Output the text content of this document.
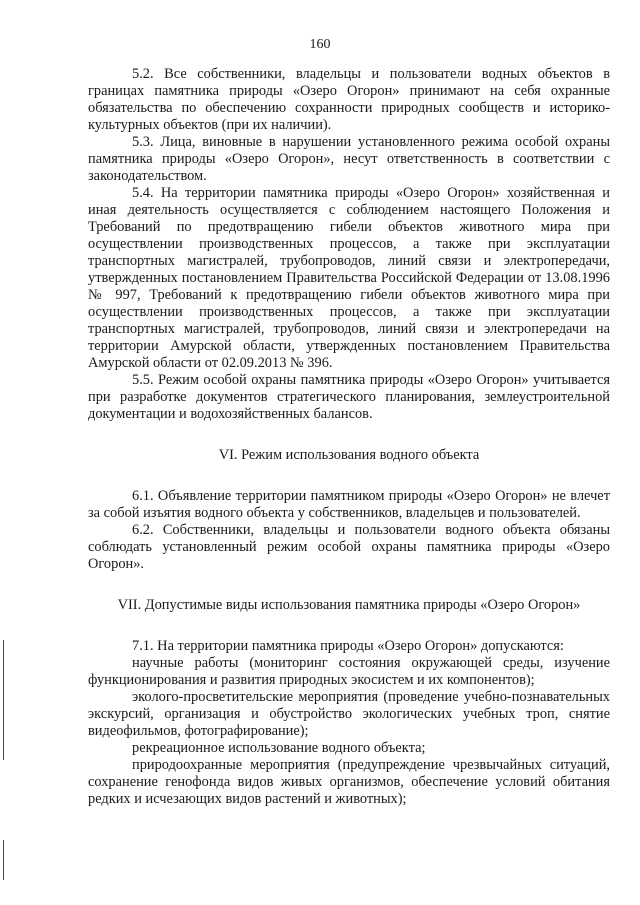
160

5.2. Все собственники, владельцы и пользователи водных объектов в границах памятника природы «Озеро Огорон» принимают на себя охранные обязательства по обеспечению сохранности природных сообществ и историко-культурных объектов (при их наличии).

5.3. Лица, виновные в нарушении установленного режима особой охраны памятника природы «Озеро Огорон», несут ответственность в соответствии с законодательством.

5.4. На территории памятника природы «Озеро Огорон» хозяйственная и иная деятельность осуществляется с соблюдением настоящего Положения и Требований по предотвращению гибели объектов животного мира при осуществлении производственных процессов, а также при эксплуатации транспортных магистралей, трубопроводов, линий связи и электропередачи, утвержденных постановлением Правительства Российской Федерации от 13.08.1996 № 997, Требований к предотвращению гибели объектов животного мира при осуществлении производственных процессов, а также при эксплуатации транспортных магистралей, трубопроводов, линий связи и электропередачи на территории Амурской области, утвержденных постановлением Правительства Амурской области от 02.09.2013 № 396.

5.5. Режим особой охраны памятника природы «Озеро Огорон» учитывается при разработке документов стратегического планирования, землеустроительной документации и водохозяйственных балансов.

VI. Режим использования водного объекта

6.1. Объявление территории памятником природы «Озеро Огорон» не влечет за собой изъятия водного объекта у собственников, владельцев и пользователей.

6.2. Собственники, владельцы и пользователи водного объекта обязаны соблюдать установленный режим особой охраны памятника природы «Озеро Огорон».

VII. Допустимые виды использования памятника природы «Озеро Огорон»

7.1. На территории памятника природы «Озеро Огорон» допускаются:

научные работы (мониторинг состояния окружающей среды, изучение функционирования и развития природных экосистем и их компонентов);

эколого-просветительские мероприятия (проведение учебно-познавательных экскурсий, организация и обустройство экологических учебных троп, снятие видеофильмов, фотографирование);

рекреационное использование водного объекта;

природоохранные мероприятия (предупреждение чрезвычайных ситуаций, сохранение генофонда видов живых организмов, обеспечение условий обитания редких и исчезающих видов растений и животных);
